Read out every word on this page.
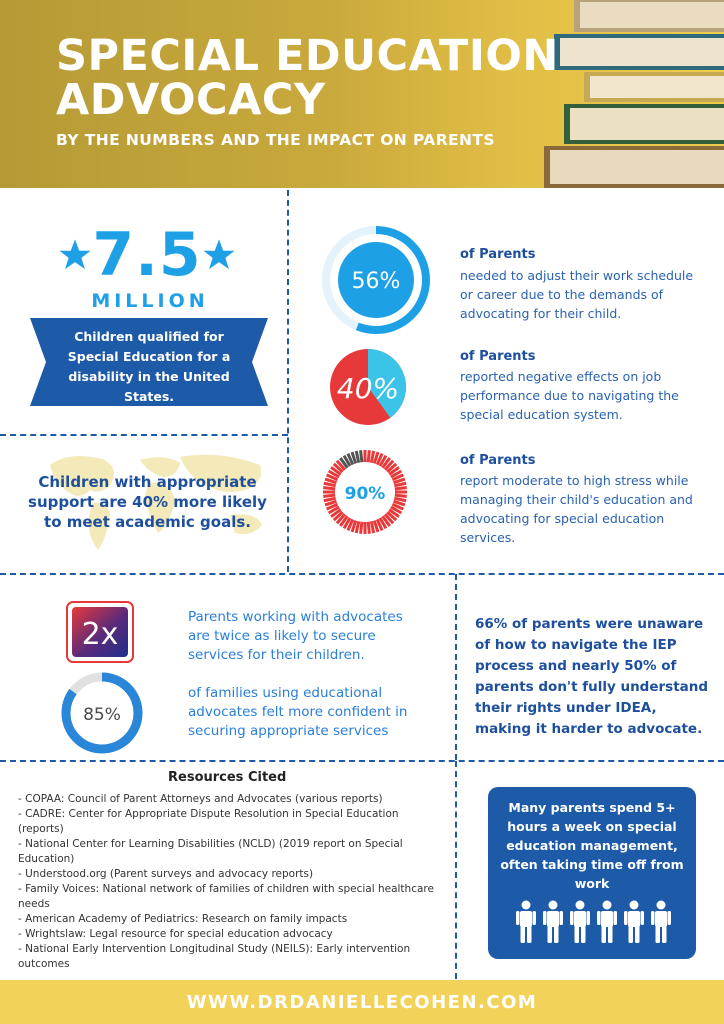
SPECIAL EDUCATION
ADVOCACY
BY THE NUMBERS AND THE IMPACT ON PARENTS
7.5
MILLION
Children qualified for Special Education for a disability in the United States.
Children with appropriate support are 40% more likely to meet academic goals.
56%
of Parents
needed to adjust their work schedule or career due to the demands of advocating for their child.
40%
of Parents
reported negative effects on job performance due to navigating the special education system.
90%
of Parents
report moderate to high stress while managing their child's education and advocating for special education services.
2x	Parents working with advocates are twice as likely to secure services for their children.
85%
of families using educational advocates felt more confident in securing appropriate services
66% of parents were unaware of how to navigate the IEP process and nearly 50% of parents don't fully understand their rights under IDEA, making it harder to advocate.
Resources Cited
- COPAA: Council of Parent Attorneys and Advocates (various reports)
- CADRE: Center for Appropriate Dispute Resolution in Special Education (reports)
- National Center for Learning Disabilities (NCLD) (2019 report on Special Education)
- Understood.org (Parent surveys and advocacy reports)
- Family Voices: National network of families of children with special healthcare needs
- American Academy of Pediatrics: Research on family impacts
- Wrightslaw: Legal resource for special education advocacy
- National Early Intervention Longitudinal Study (NEILS): Early intervention outcomes
Many parents spend 5+ hours a week on special education management, often taking time off from work
WWW.DRDANIELLECOHEN.COM
